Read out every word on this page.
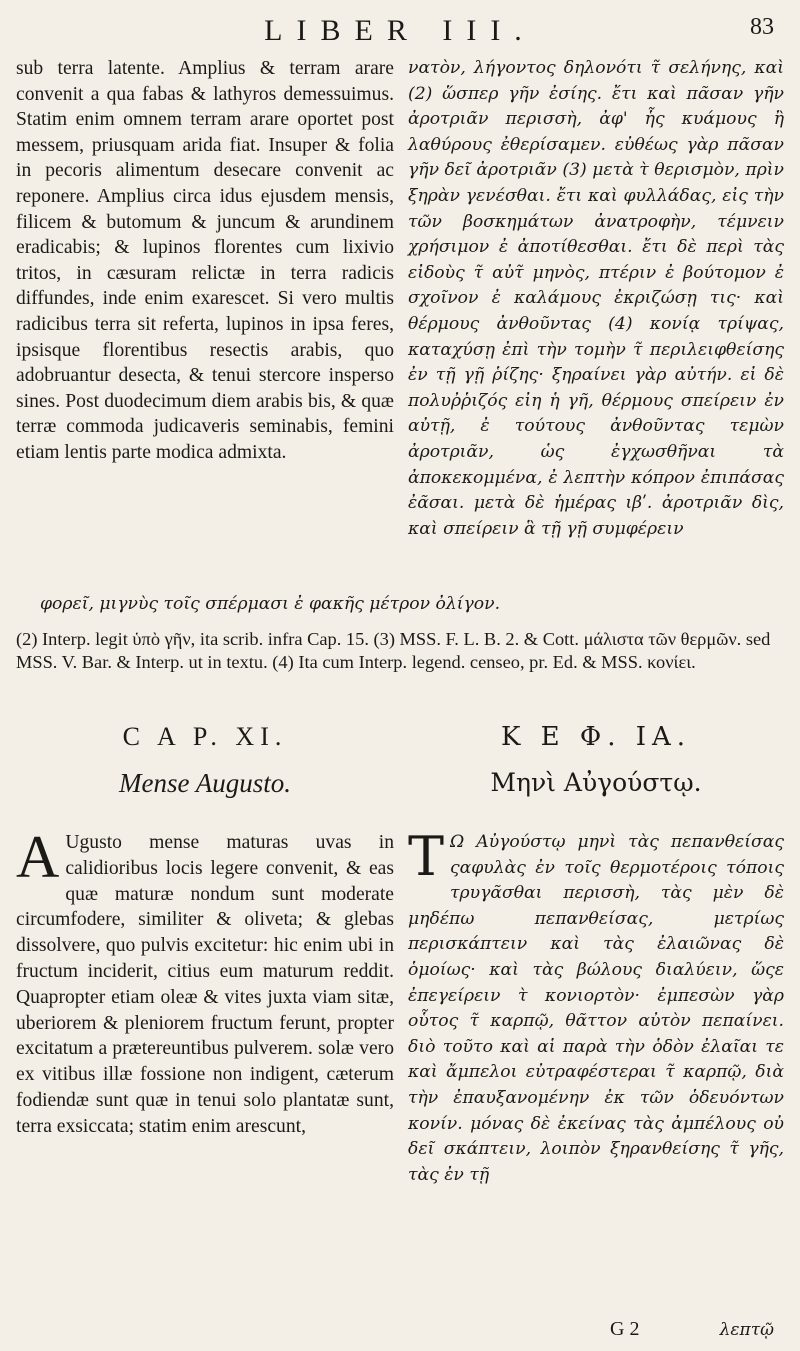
LIBER III.	83
sub terra latente. Amplius & terram arare convenit a qua fabas & lathyros demessuimus. Statim enim omnem terram arare oportet post messem, priusquam arida fiat. Insuper & folia in pecoris alimentum desecare convenit ac reponere. Amplius circa idus ejusdem mensis, filicem & butomum & juncum & arundinem eradicabis; & lupinos florentes cum lixivio tritos, in cæsuram relictæ in terra radicis diffundes, inde enim exarescet. Si vero multis radicibus terra sit referta, lupinos in ipsa feres, ipsisque florentibus resectis arabis, quo adobruantur desecta, & tenui stercore insperso sines. Post duodecimum diem arabis bis, & quæ terræ commoda judicaveris seminabis, femini etiam lentis parte modica admixta.
νατὸν, λήγοντος δηλονότι τ̃ σελήνης, καὶ (2) ὥσπερ γῆν ἐσίης. ἔτι καὶ πᾶσαν γῆν ἀροτριᾶν περισσὴ, ἀφ' ἧς κυάμους ἢ λαθύρους ἐθερίσαμεν. εὐθέως γὰρ πᾶσαν γῆν δεῖ ἀροτριᾶν (3) μετὰ τ̀ θερισμὸν, πρὶν ξηρὰν γενέσθαι. ἔτι καὶ φυλλάδας, εἰς τὴν τῶν βοσκημάτων ἀνατροφὴν, τέμνειν χρήσιμον ἐ ἀποτίθεσθαι. ἔτι δὲ περὶ τὰς εἰδοὺς τ̃ αὐτ̃ μηνὸς, πτέριν ἐ βούτομον ἐ σχοῖνον ἐ καλάμους ἐκριζώσῃ τις· καὶ θέρμους ἀνθοῦντας (4) κονίᾳ τρίψας, καταχύσῃ ἐπὶ τὴν τομὴν τ̃ περιλειφθείσης ἐν τῇ γῇ ῥίζης· ξηραίνει γὰρ αὐτήν. εἰ δὲ πολυῤῥιζός εἰη ἡ γῆ, θέρμους σπείρειν ἐν αὐτῇ, ἐ τούτους ἀνθοῦντας τεμὼν ἀροτριᾶν, ὡς ἐγχωσθῆναι τὰ ἀποκεκομμένα, ἐ λεπτὴν κόπρον ἐπιπάσας ἐᾶσαι. μετὰ δὲ ἡμέρας ιβʹ. ἀροτριᾶν δὶς, καὶ σπείρειν ἃ τῇ γῇ συμφέρειν
φορεῖ, μιγνὺς τοῖς σπέρμασι ἐ φακῆς μέτρον ὀλίγον.

(2) Interp. legit ὑπὸ γῆν, ita scrib. infra Cap. 15. (3) MSS. F. L. B. 2. & Cott. μάλιστα τῶν θερμῶν. sed MSS. V. Bar. & Interp. ut in textu. (4) Ita cum Interp. legend. censeo, pr. Ed. & MSS. κονίει.

C A P. XI.	K E Φ. IA.
Mense Augusto.	Μηνὶ Αὐγούστῳ.
A Ugusto mense maturas uvas in calidioribus locis legere convenit, & eas quæ maturæ nondum sunt moderate circumfodere, similiter & oliveta; & glebas dissolvere, quo pulvis excitetur: hic enim ubi in fructum inciderit, citius eum maturum reddit. Quapropter etiam oleæ & vites juxta viam sitæ, uberiorem & pleniorem fructum ferunt, propter excitatum a prætereuntibus pulverem. solæ vero ex vitibus illæ fossione non indigent, cæterum fodiendæ sunt quæ in tenui solo plantatæ sunt, terra exsiccata; statim enim arescunt,
Τ Ω Αὐγούστῳ μηνὶ τὰς πεπανθείσας ςαφυλὰς ἐν τοῖς θερμοτέροις τόποις τρυγᾶσθαι περισσὴ, τὰς μὲν δὲ μηδέπω πεπανθείσας, μετρίως περισκάπτειν καὶ τὰς ἐλαιῶνας δὲ ὁμοίως· καὶ τὰς βώλους διαλύειν, ὥςε ἐπεγείρειν τ̀ κονιορτὸν· ἐμπεσὼν γὰρ οὗτος τ̃ καρπῷ, θᾶττον αὐτὸν πεπαίνει. διὸ τοῦτο καὶ αἱ παρὰ τὴν ὁδὸν ἐλαῖαι τε καὶ ἄμπελοι εὐτραφέστεραι τ̃ καρπῷ, διὰ τὴν ἐπαυξανομένην ἐκ τῶν ὁδευόντων κονίν. μόνας δὲ ἐκείνας τὰς ἀμπέλους οὐ δεῖ σκάπτειν, λοιπὸν ξηρανθείσης τ̃ γῆς, τὰς ἐν τῇ
G 2	λεπτῷ
